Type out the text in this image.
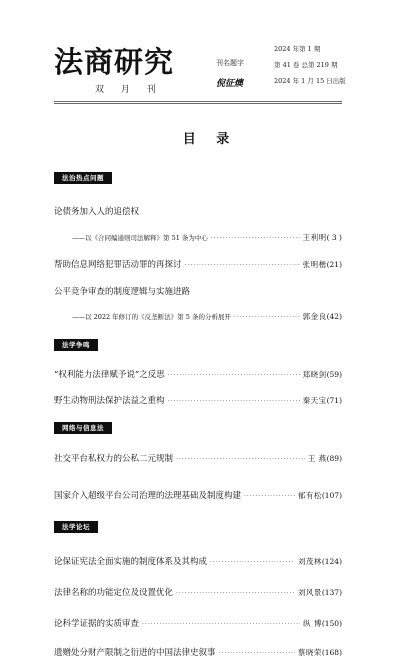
法商研究
双 月 刊
刊名题字
倪征燠
2024 年第 1 期
第 41 卷 总第 219 期
2024 年 1 月 15 日出版
目 录
法治热点问题
论债务加入人的追偿权
——以《合同编通则司法解释》第 51 条为中心 ·····	王利明 ( 3 )
帮助信息网络犯罪活动罪的再探讨 ·····	张明楷 (21)
公平竞争审查的制度逻辑与实施进路
——以 2022 年修订的《反垄断法》第 5 条的分析展开 ·····	郭金良 (42)
法学争鸣
“权利能力法律赋予说”之反思 ·····	郑晓剑 (59)
野生动物刑法保护法益之重构 ·····	秦天宝 (71)
网络与信息法
社交平台私权力的公私二元规制 ·····	王 燕 (89)
国家介入超级平台公司治理的法理基础及制度构建 ·····	郁有松 (107)
法学论坛
论保证宪法全面实施的制度体系及其构成 ·····	刘茂林 (124)
法律名称的功能定位及设置优化 ·····	刘风景 (137)
论科学证据的实质审查 ·····	纵 博 (150)
遗赠处分财产限制之衍进的中国法律史叙事 ·····	蔡晓荣 (168)
